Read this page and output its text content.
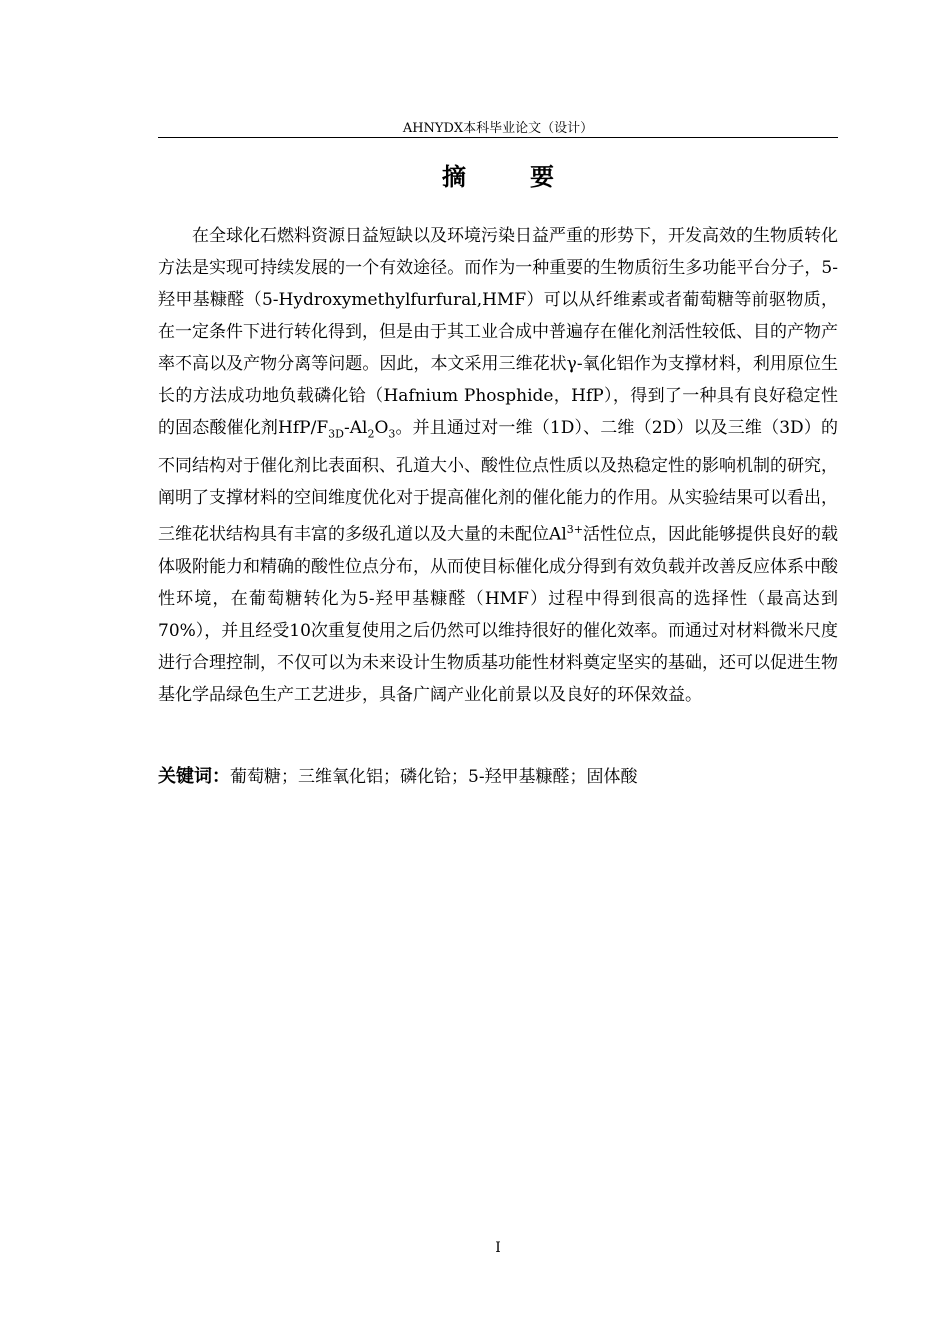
AHNYDX本科毕业论文（设计）
摘　要

在全球化石燃料资源日益短缺以及环境污染日益严重的形势下，开发高效的生物质转化方法是实现可持续发展的一个有效途径。而作为一种重要的生物质衍生多功能平台分子，5-羟甲基糠醛（5-Hydroxymethylfurfural,HMF）可以从纤维素或者葡萄糖等前驱物质，在一定条件下进行转化得到，但是由于其工业合成中普遍存在催化剂活性较低、目的产物产率不高以及产物分离等问题。因此，本文采用三维花状γ-氧化铝作为支撑材料，利用原位生长的方法成功地负载磷化铪（Hafnium Phosphide，HfP），得到了一种具有良好稳定性的固态酸催化剂HfP/$F_{3D}-Al_2O_3$。并且通过对一维（1D）、二维（2D）以及三维（3D）的不同结构对于催化剂比表面积、孔道大小、酸性位点性质以及热稳定性的影响机制的研究，阐明了支撑材料的空间维度优化对于提高催化剂的催化能力的作用。从实验结果可以看出，三维花状结构具有丰富的多级孔道以及大量的未配位$Al^{3+}$活性位点，因此能够提供良好的载体吸附能力和精确的酸性位点分布，从而使目标催化成分得到有效负载并改善反应体系中酸性环境，在葡萄糖转化为5-羟甲基糠醛（HMF）过程中得到很高的选择性（最高达到70%），并且经受10次重复使用之后仍然可以维持很好的催化效率。而通过对材料微米尺度进行合理控制，不仅可以为未来设计生物质基功能性材料奠定坚实的基础，还可以促进生物基化学品绿色生产工艺进步，具备广阔产业化前景以及良好的环保效益。

关键词：葡萄糖；三维氧化铝；磷化铪；5-羟甲基糠醛；固体酸
I
